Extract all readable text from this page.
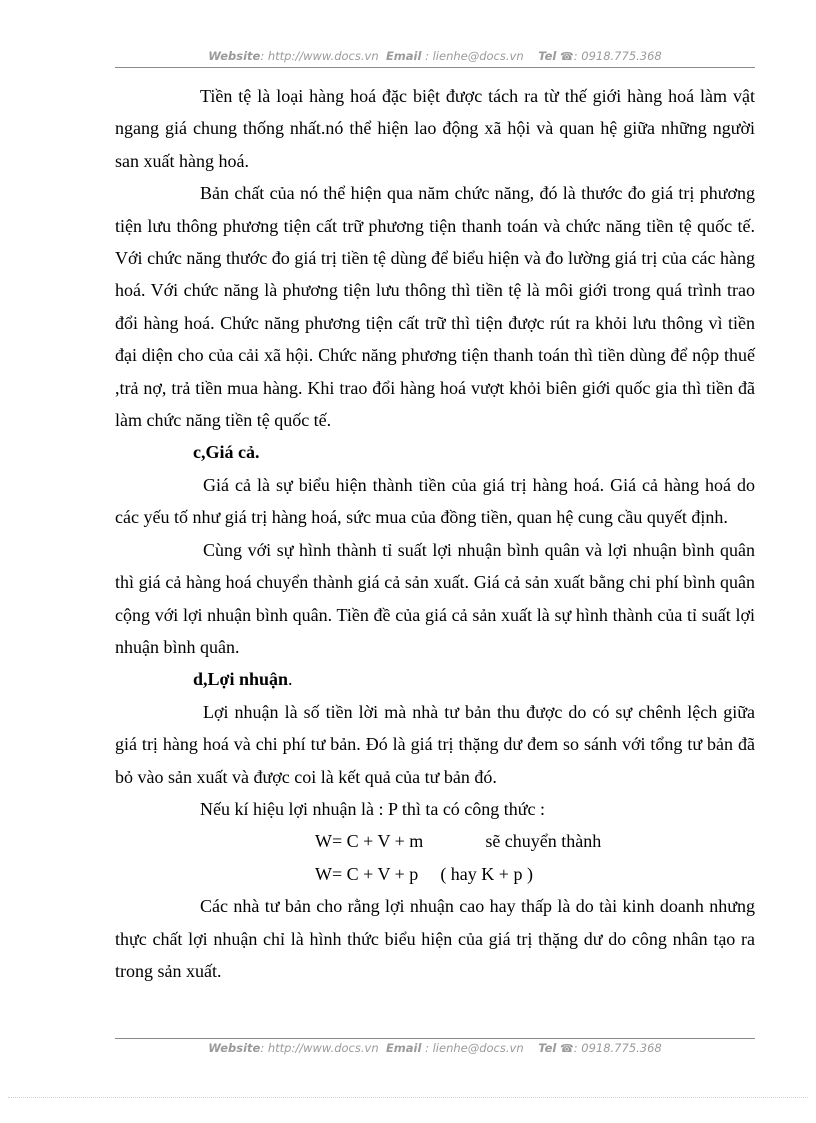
Website: http://www.docs.vn Email : lienhe@docs.vn Tel ☎: 0918.775.368

Tiền tệ là loại hàng hoá đặc biệt được tách ra từ thế giới hàng hoá làm vật ngang giá chung thống nhất.nó thể hiện lao động xã hội và quan hệ giữa những người san xuất hàng hoá.

Bản chất của nó thể hiện qua năm chức năng, đó là thước đo giá trị phương tiện lưu thông phương tiện cất trữ phương tiện thanh toán và chức năng tiền tệ quốc tế. Với chức năng thước đo giá trị tiền tệ dùng để biểu hiện và đo lường giá trị của các hàng hoá. Với chức năng là phương tiện lưu thông thì tiền tệ là môi giới trong quá trình trao đổi hàng hoá. Chức năng phương tiện cất trữ thì tiện được rút ra khỏi lưu thông vì tiền đại diện cho của cải xã hội. Chức năng phương tiện thanh toán thì tiền dùng để nộp thuế ,trả nợ, trả tiền mua hàng. Khi trao đổi hàng hoá vượt khỏi biên giới quốc gia thì tiền đã làm chức năng tiền tệ quốc tế.

c,Giá cả.

Giá cả là sự biểu hiện thành tiền của giá trị hàng hoá. Giá cả hàng hoá do các yếu tố như giá trị hàng hoá, sức mua của đồng tiền, quan hệ cung cầu quyết định.

Cùng với sự hình thành tỉ suất lợi nhuận bình quân và lợi nhuận bình quân thì giá cả hàng hoá chuyển thành giá cả sản xuất. Giá cả sản xuất bằng chi phí bình quân cộng với lợi nhuận bình quân. Tiền đề của giá cả sản xuất là sự hình thành của tỉ suất lợi nhuận bình quân.

d,Lợi nhuận.

Lợi nhuận là số tiền lời mà nhà tư bản thu được do có sự chênh lệch giữa giá trị hàng hoá và chi phí tư bản. Đó là giá trị thặng dư đem so sánh với tổng tư bản đã bỏ vào sản xuất và được coi là kết quả của tư bản đó.

Nếu kí hiệu lợi nhuận là : P thì ta có công thức :

W= C + V + m	sẽ chuyển thành

W= C + V + p ( hay K + p )

Các nhà tư bản cho rằng lợi nhuận cao hay thấp là do tài kinh doanh nhưng thực chất lợi nhuận chỉ là hình thức biểu hiện của giá trị thặng dư do công nhân tạo ra trong sản xuất.

Website: http://www.docs.vn Email : lienhe@docs.vn Tel ☎: 0918.775.368
